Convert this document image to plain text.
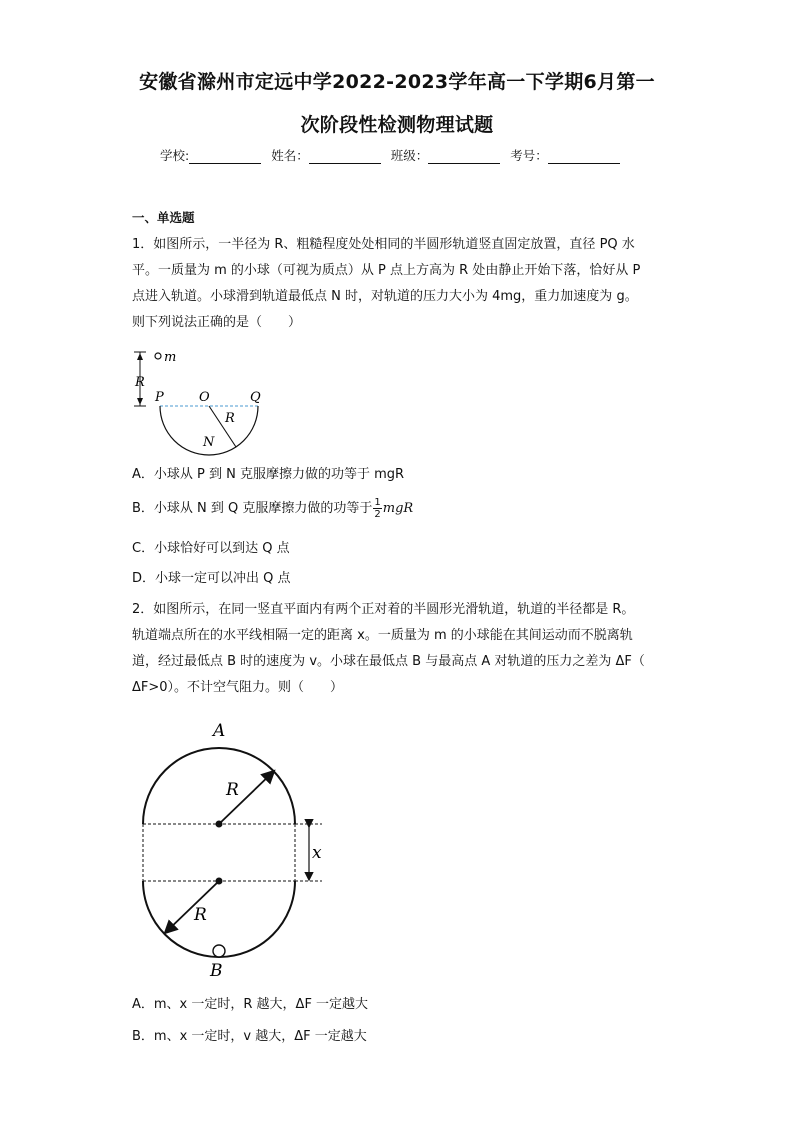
安徽省滁州市定远中学2022-2023学年高一下学期6月第一
次阶段性检测物理试题
学校:	姓名：	班级：	考号：
一、单选题
1．如图所示，一半径为 R、粗糙程度处处相同的半圆形轨道竖直固定放置，直径 PQ 水
平。一质量为 m 的小球（可视为质点）从 P 点上方高为 R 处由静止开始下落，恰好从 P
点进入轨道。小球滑到轨道最低点 N 时，对轨道的压力大小为 4mg，重力加速度为 g。
则下列说法正确的是（　　）
R
m
P	O	Q
R
N
A．小球从 P 到 N 克服摩擦力做的功等于 mgR
B．小球从 N 到 Q 克服摩擦力做的功等于 $\frac{1}{2}$ mgR
C．小球恰好可以到达 Q 点
D．小球一定可以冲出 Q 点
2．如图所示，在同一竖直平面内有两个正对着的半圆形光滑轨道，轨道的半径都是 R。
轨道端点所在的水平线相隔一定的距离 x。一质量为 m 的小球能在其间运动而不脱离轨
道，经过最低点 B 时的速度为 v。小球在最低点 B 与最高点 A 对轨道的压力之差为 ΔF（
ΔF>0）。不计空气阻力。则（　　）
A
R
R
x
B
A．m、x 一定时，R 越大，ΔF 一定越大
B．m、x 一定时，v 越大，ΔF 一定越大
